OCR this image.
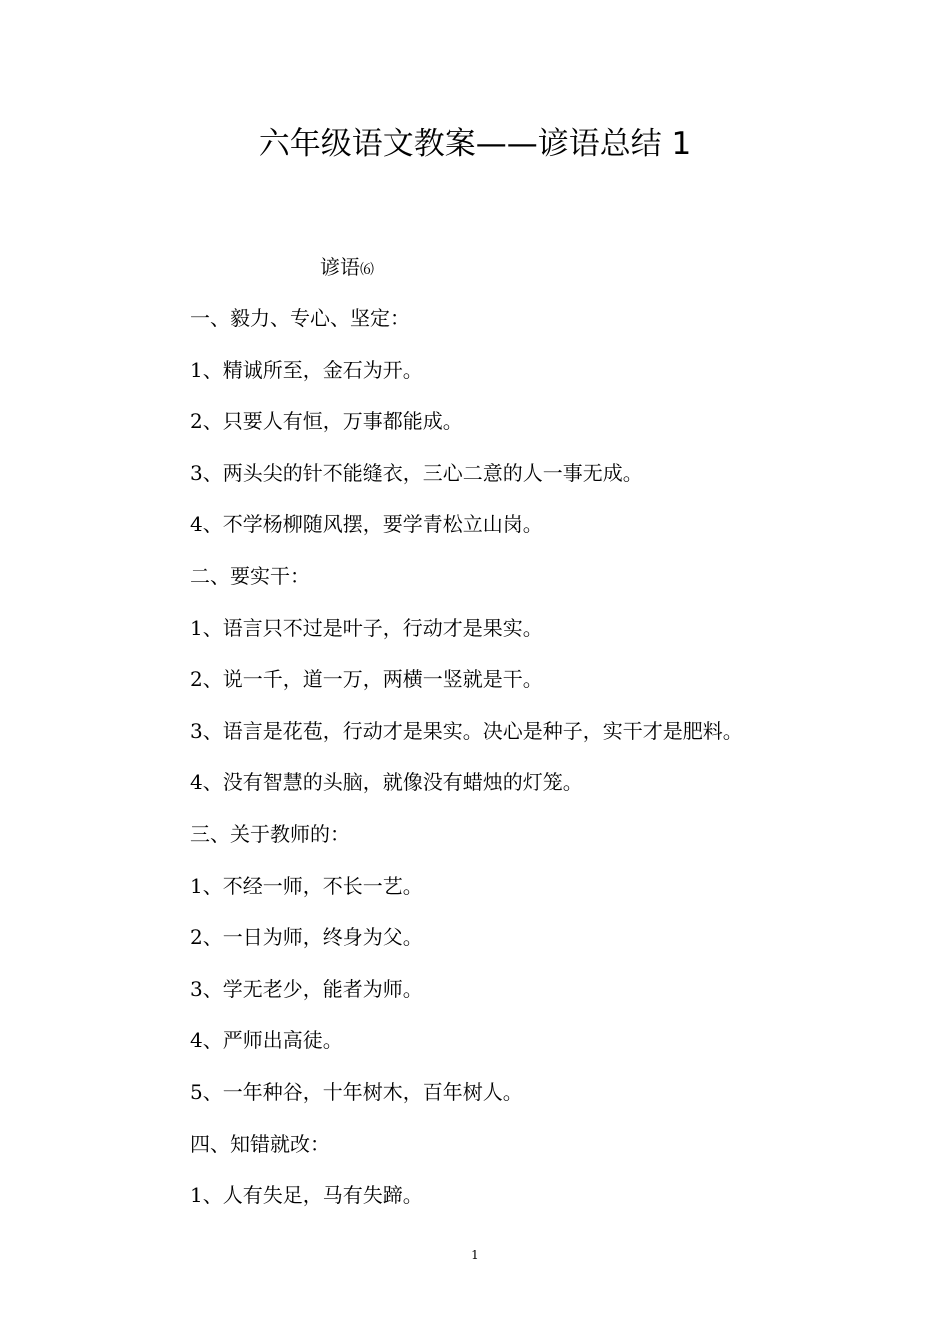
六年级语文教案——谚语总结 1
谚语⑹
一、毅力、专心、坚定：
1、精诚所至，金石为开。
2、只要人有恒，万事都能成。
3、两头尖的针不能缝衣，三心二意的人一事无成。
4、不学杨柳随风摆，要学青松立山岗。
二、要实干：
1、语言只不过是叶子，行动才是果实。
2、说一千，道一万，两横一竖就是干。
3、语言是花苞，行动才是果实。决心是种子，实干才是肥料。
4、没有智慧的头脑，就像没有蜡烛的灯笼。
三、关于教师的：
1、不经一师，不长一艺。
2、一日为师，终身为父。
3、学无老少，能者为师。
4、严师出高徒。
5、一年种谷，十年树木，百年树人。
四、知错就改：
1、人有失足，马有失蹄。
1
